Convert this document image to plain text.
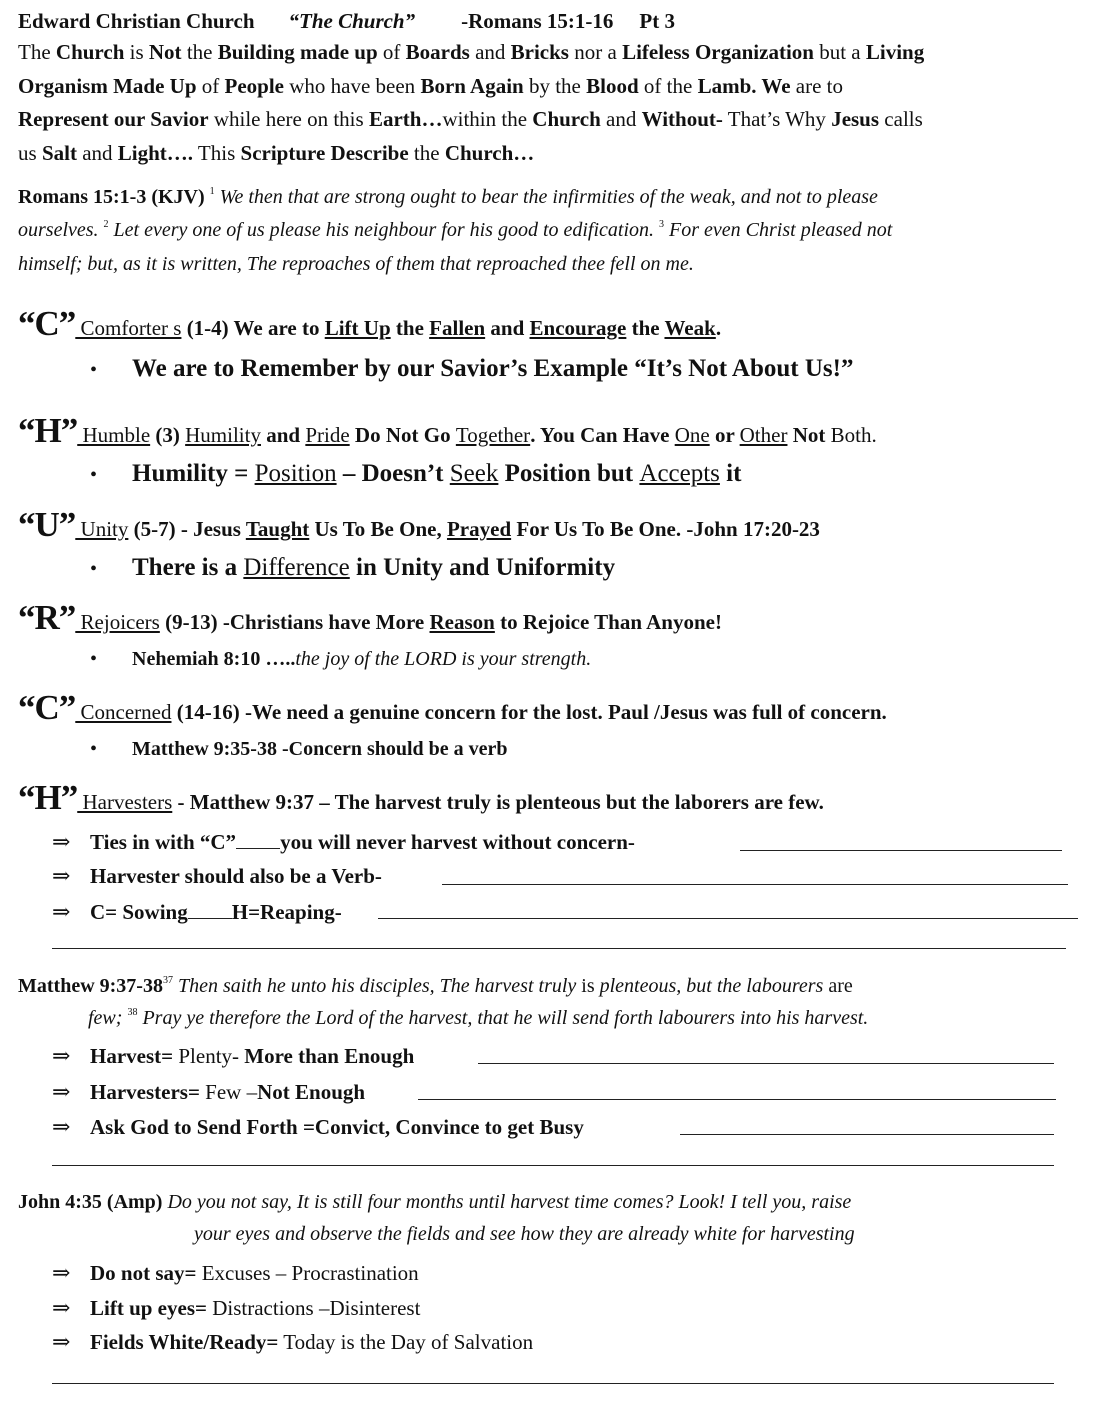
Edward Christian Church “The Church” -Romans 15:1-16 Pt 3
The Church is Not the Building made up of Boards and Bricks nor a Lifeless Organization but a Living
Organism Made Up of People who have been Born Again by the Blood of the Lamb. We are to
Represent our Savior while here on this Earth…within the Church and Without- That’s Why Jesus calls
us Salt and Light…. This Scripture Describe the Church…
Romans 15:1-3 (KJV) $^1$ We then that are strong ought to bear the infirmities of the weak, and not to please
ourselves. $^2$ Let every one of us please his neighbour for his good to edification. $^3$ For even Christ pleased not
himself; but, as it is written, The reproaches of them that reproached thee fell on me.
“C” Comforter s (1-4) We are to Lift Up the Fallen and Encourage the Weak.
• We are to Remember by our Savior’s Example “It’s Not About Us!”
“H” Humble (3) Humility and Pride Do Not Go Together. You Can Have One or Other Not Both.
• Humility = Position – Doesn’t Seek Position but Accepts it
“U” Unity (5-7) - Jesus Taught Us To Be One, Prayed For Us To Be One. -John 17:20-23
• There is a Difference in Unity and Uniformity
“R” Rejoicers (9-13) -Christians have More Reason to Rejoice Than Anyone!
• Nehemiah 8:10 …..the joy of the LORD is your strength.
“C” Concerned (14-16) -We need a genuine concern for the lost. Paul /Jesus was full of concern.
• Matthew 9:35-38 -Concern should be a verb
“H” Harvesters - Matthew 9:37 – The harvest truly is plenteous but the laborers are few.
⇒ Ties in with “C” you will never harvest without concern-
⇒ Harvester should also be a Verb-
⇒ C= Sowing H=Reaping-
Matthew $9:37-38^{37}$ Then saith he unto his disciples, The harvest truly is plenteous, but the labourers are
few; $^{38}$ Pray ye therefore the Lord of the harvest, that he will send forth labourers into his harvest.
⇒ Harvest= Plenty- More than Enough
⇒ Harvesters= Few –Not Enough
⇒ Ask God to Send Forth =Convict, Convince to get Busy
John 4:35 (Amp) Do you not say, It is still four months until harvest time comes? Look! I tell you, raise
your eyes and observe the fields and see how they are already white for harvesting
⇒ Do not say= Excuses – Procrastination
⇒ Lift up eyes= Distractions –Disinterest
⇒ Fields White/Ready= Today is the Day of Salvation
